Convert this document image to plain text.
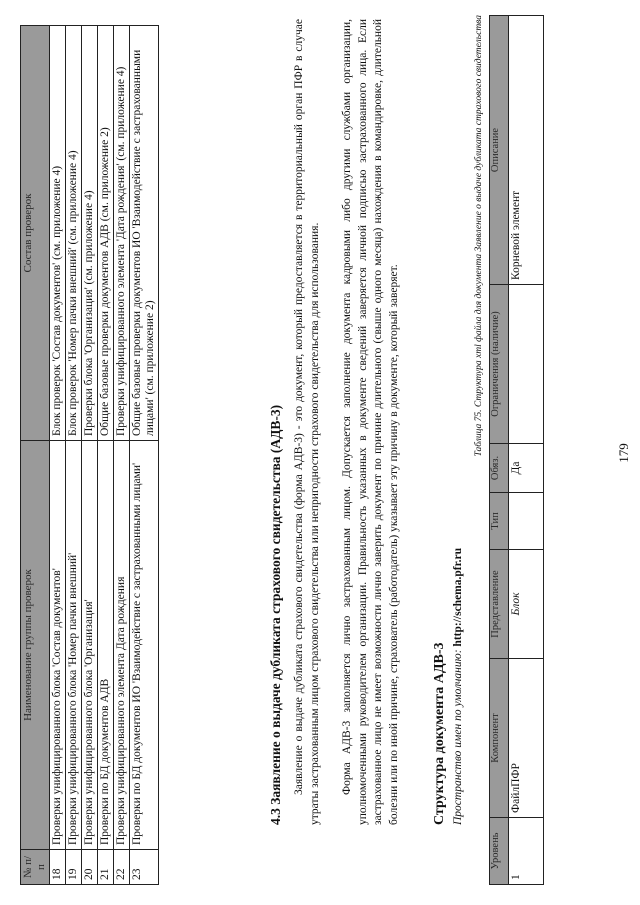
179
№ п/п	Наименование группы проверок	Состав проверок
18	Проверки унифицированного блока 'Состав документов'	Блок проверок 'Состав документов' (см. приложение 4)
19	Проверки унифицированного блока 'Номер пачки внешний'	Блок проверок 'Номер пачки внешний' (см. приложение 4)
20	Проверки унифицированного блока 'Организация'	Проверки блока 'Организация' (см. приложение 4)
21	Проверки по БД документов АДВ	Общие базовые проверки документов АДВ (см. приложение 2)
22	Проверки унифицированного элемента Дата рождения	Проверки унифицированного элемента 'Дата рождения' (см. приложение 4)
23	Проверки по БД документов ИО 'Взаимодействие с застрахованными лицами'	Общие базовые проверки документов ИО 'Взаимодействие с застрахованными лицами' (см. приложение 2)
4.3 Заявление о выдаче дубликата страхового свидетельства (АДВ-3) Заявление о выдаче дубликата страхового свидетельства (форма АДВ-3) - это документ, который предоставляется в территориальный орган ПФР в случае утраты застрахованным лицом страхового свидетельства или непригодности страхового свидетельства для использования. Форма АДВ-3 заполняется лично застрахованным лицом. Допускается заполнение документа кадровыми либо другими службами организации, уполномоченными руководителем организации. Правильность указанных в документе сведений заверяется личной подписью застрахованного лица. Если застрахованное лицо не имеет возможности лично заверить документ по причине длительного (свыше одного месяца) нахождения в командировке, длительной болезни или по иной причине, страхователь (работодатель) указывает эту причину в документе, который заверяет. Структура документа АДВ-3 Пространство имен по умолчанию: http://schema.pfr.ru
Таблица 75. Структура xml файла для документа Заявление о выдаче дубликата страхового свидетельства
Уровень	Компонент	Представление	Тип	Обяз.	Ограничения (наличие)	Описание
1	ФайлПФР	Блок		Да		Корневой элемент
